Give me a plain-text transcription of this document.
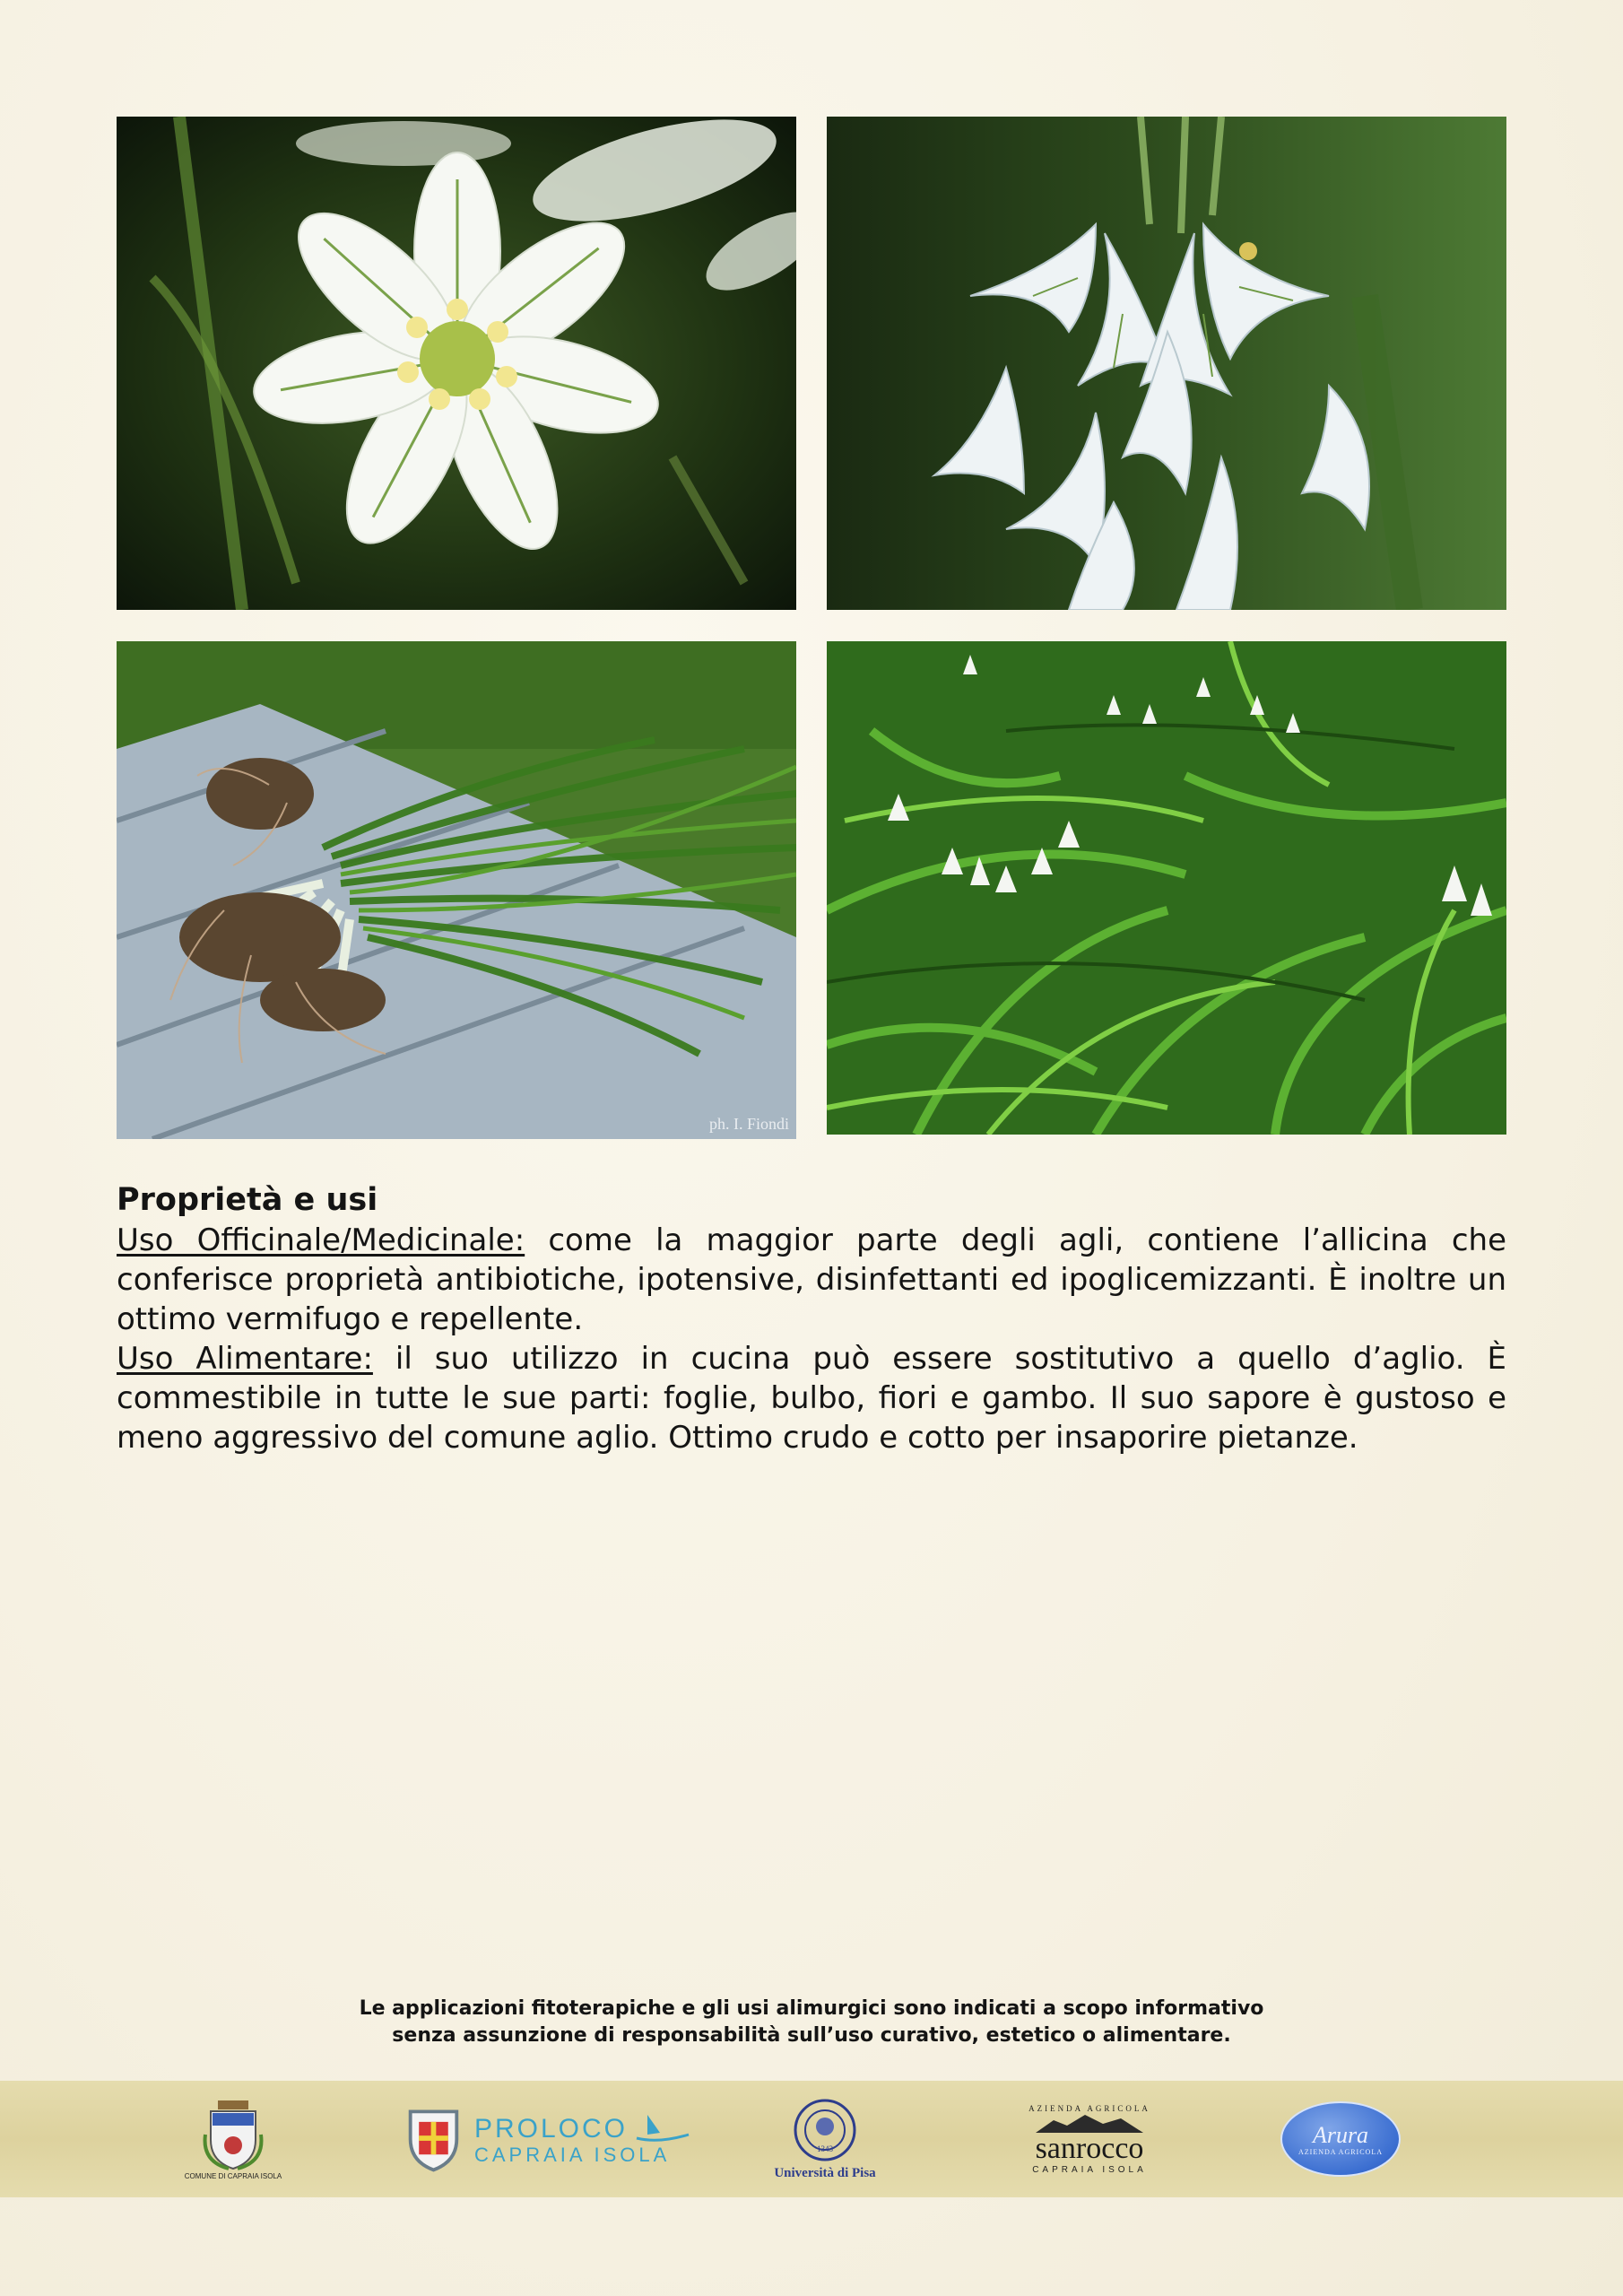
ph. I. Fiondi
Proprietà e usi

Uso Officinale/Medicinale: come la maggior parte degli agli, contiene l’allicina che conferisce proprietà antibiotiche, ipotensive, disinfettanti ed ipoglicemizzanti. È inoltre un ottimo vermifugo e repellente.

Uso Alimentare: il suo utilizzo in cucina può essere sostitutivo a quello d’aglio. È commestibile in tutte le sue parti: foglie, bulbo, fiori e gambo. Il suo sapore è gustoso e meno aggressivo del comune aglio. Ottimo crudo e cotto per insaporire pietanze.

Le applicazioni fitoterapiche e gli usi alimurgici sono indicati a scopo informativo
senza assunzione di responsabilità sull’uso curativo, estetico o alimentare.
COMUNE DI CAPRAIA ISOLA
PROLOCO
CAPRAIA ISOLA	1343
Università di Pisa
AZIENDA AGRICOLA
sanrocco
CAPRAIA ISOLA
Arura
AZIENDA AGRICOLA
